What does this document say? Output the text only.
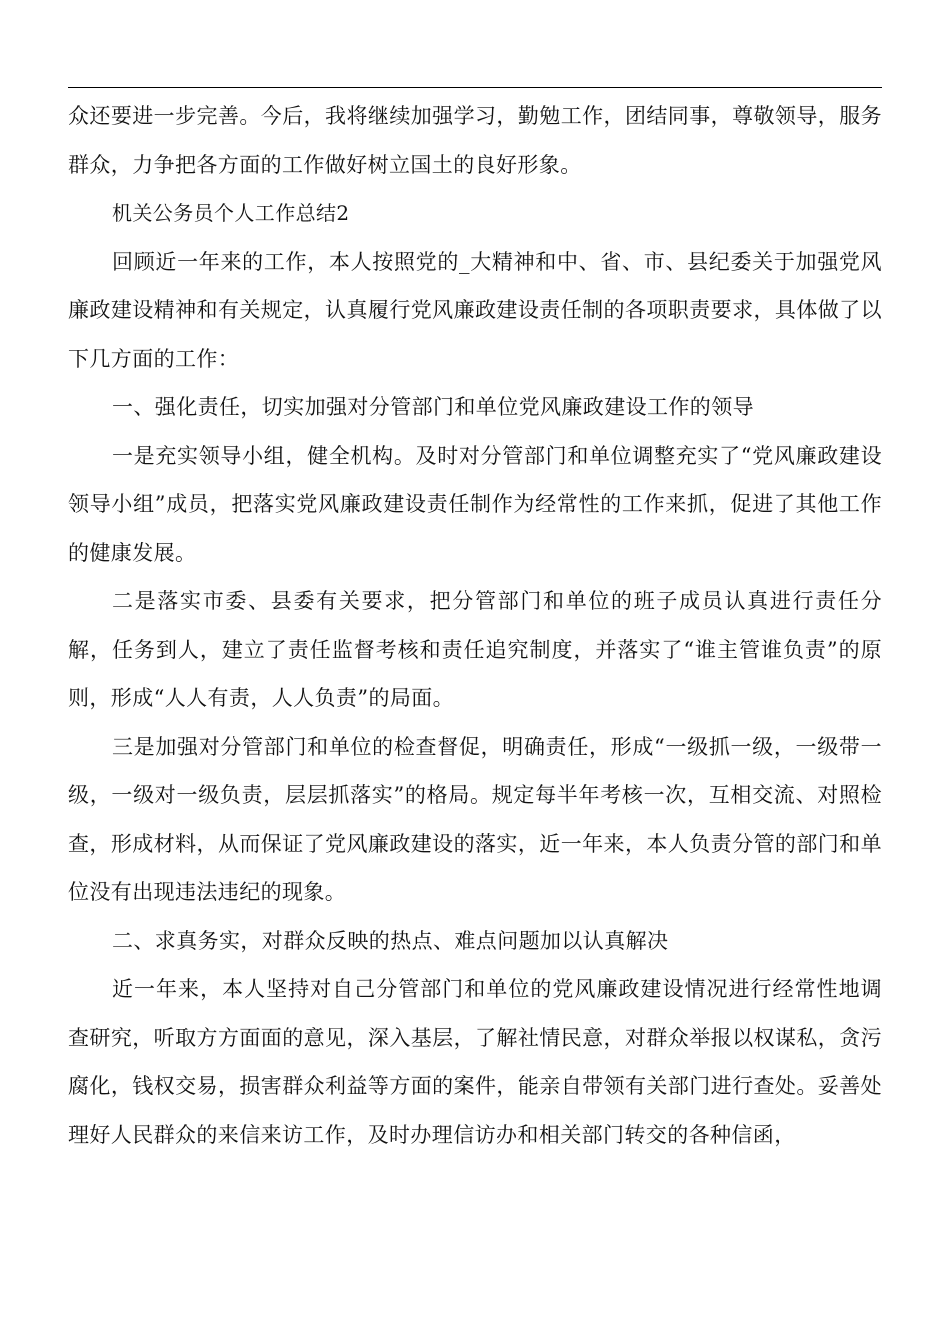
众还要进一步完善。今后，我将继续加强学习，勤勉工作，团结同事，尊敬领导，服务群众，力争把各方面的工作做好树立国土的良好形象。

机关公务员个人工作总结2

回顾近一年来的工作，本人按照党的_大精神和中、省、市、县纪委关于加强党风廉政建设精神和有关规定，认真履行党风廉政建设责任制的各项职责要求，具体做了以下几方面的工作：

一、强化责任，切实加强对分管部门和单位党风廉政建设工作的领导

一是充实领导小组，健全机构。及时对分管部门和单位调整充实了“党风廉政建设领导小组”成员，把落实党风廉政建设责任制作为经常性的工作来抓，促进了其他工作的健康发展。

二是落实市委、县委有关要求，把分管部门和单位的班子成员认真进行责任分解，任务到人，建立了责任监督考核和责任追究制度，并落实了“谁主管谁负责”的原则，形成“人人有责，人人负责”的局面。

三是加强对分管部门和单位的检查督促，明确责任，形成“一级抓一级，一级带一级，一级对一级负责，层层抓落实”的格局。规定每半年考核一次，互相交流、对照检查，形成材料，从而保证了党风廉政建设的落实，近一年来，本人负责分管的部门和单位没有出现违法违纪的现象。

二、求真务实，对群众反映的热点、难点问题加以认真解决

近一年来，本人坚持对自己分管部门和单位的党风廉政建设情况进行经常性地调查研究，听取方方面面的意见，深入基层，了解社情民意，对群众举报以权谋私，贪污腐化，钱权交易，损害群众利益等方面的案件，能亲自带领有关部门进行查处。妥善处理好人民群众的来信来访工作，及时办理信访办和相关部门转交的各种信函，
